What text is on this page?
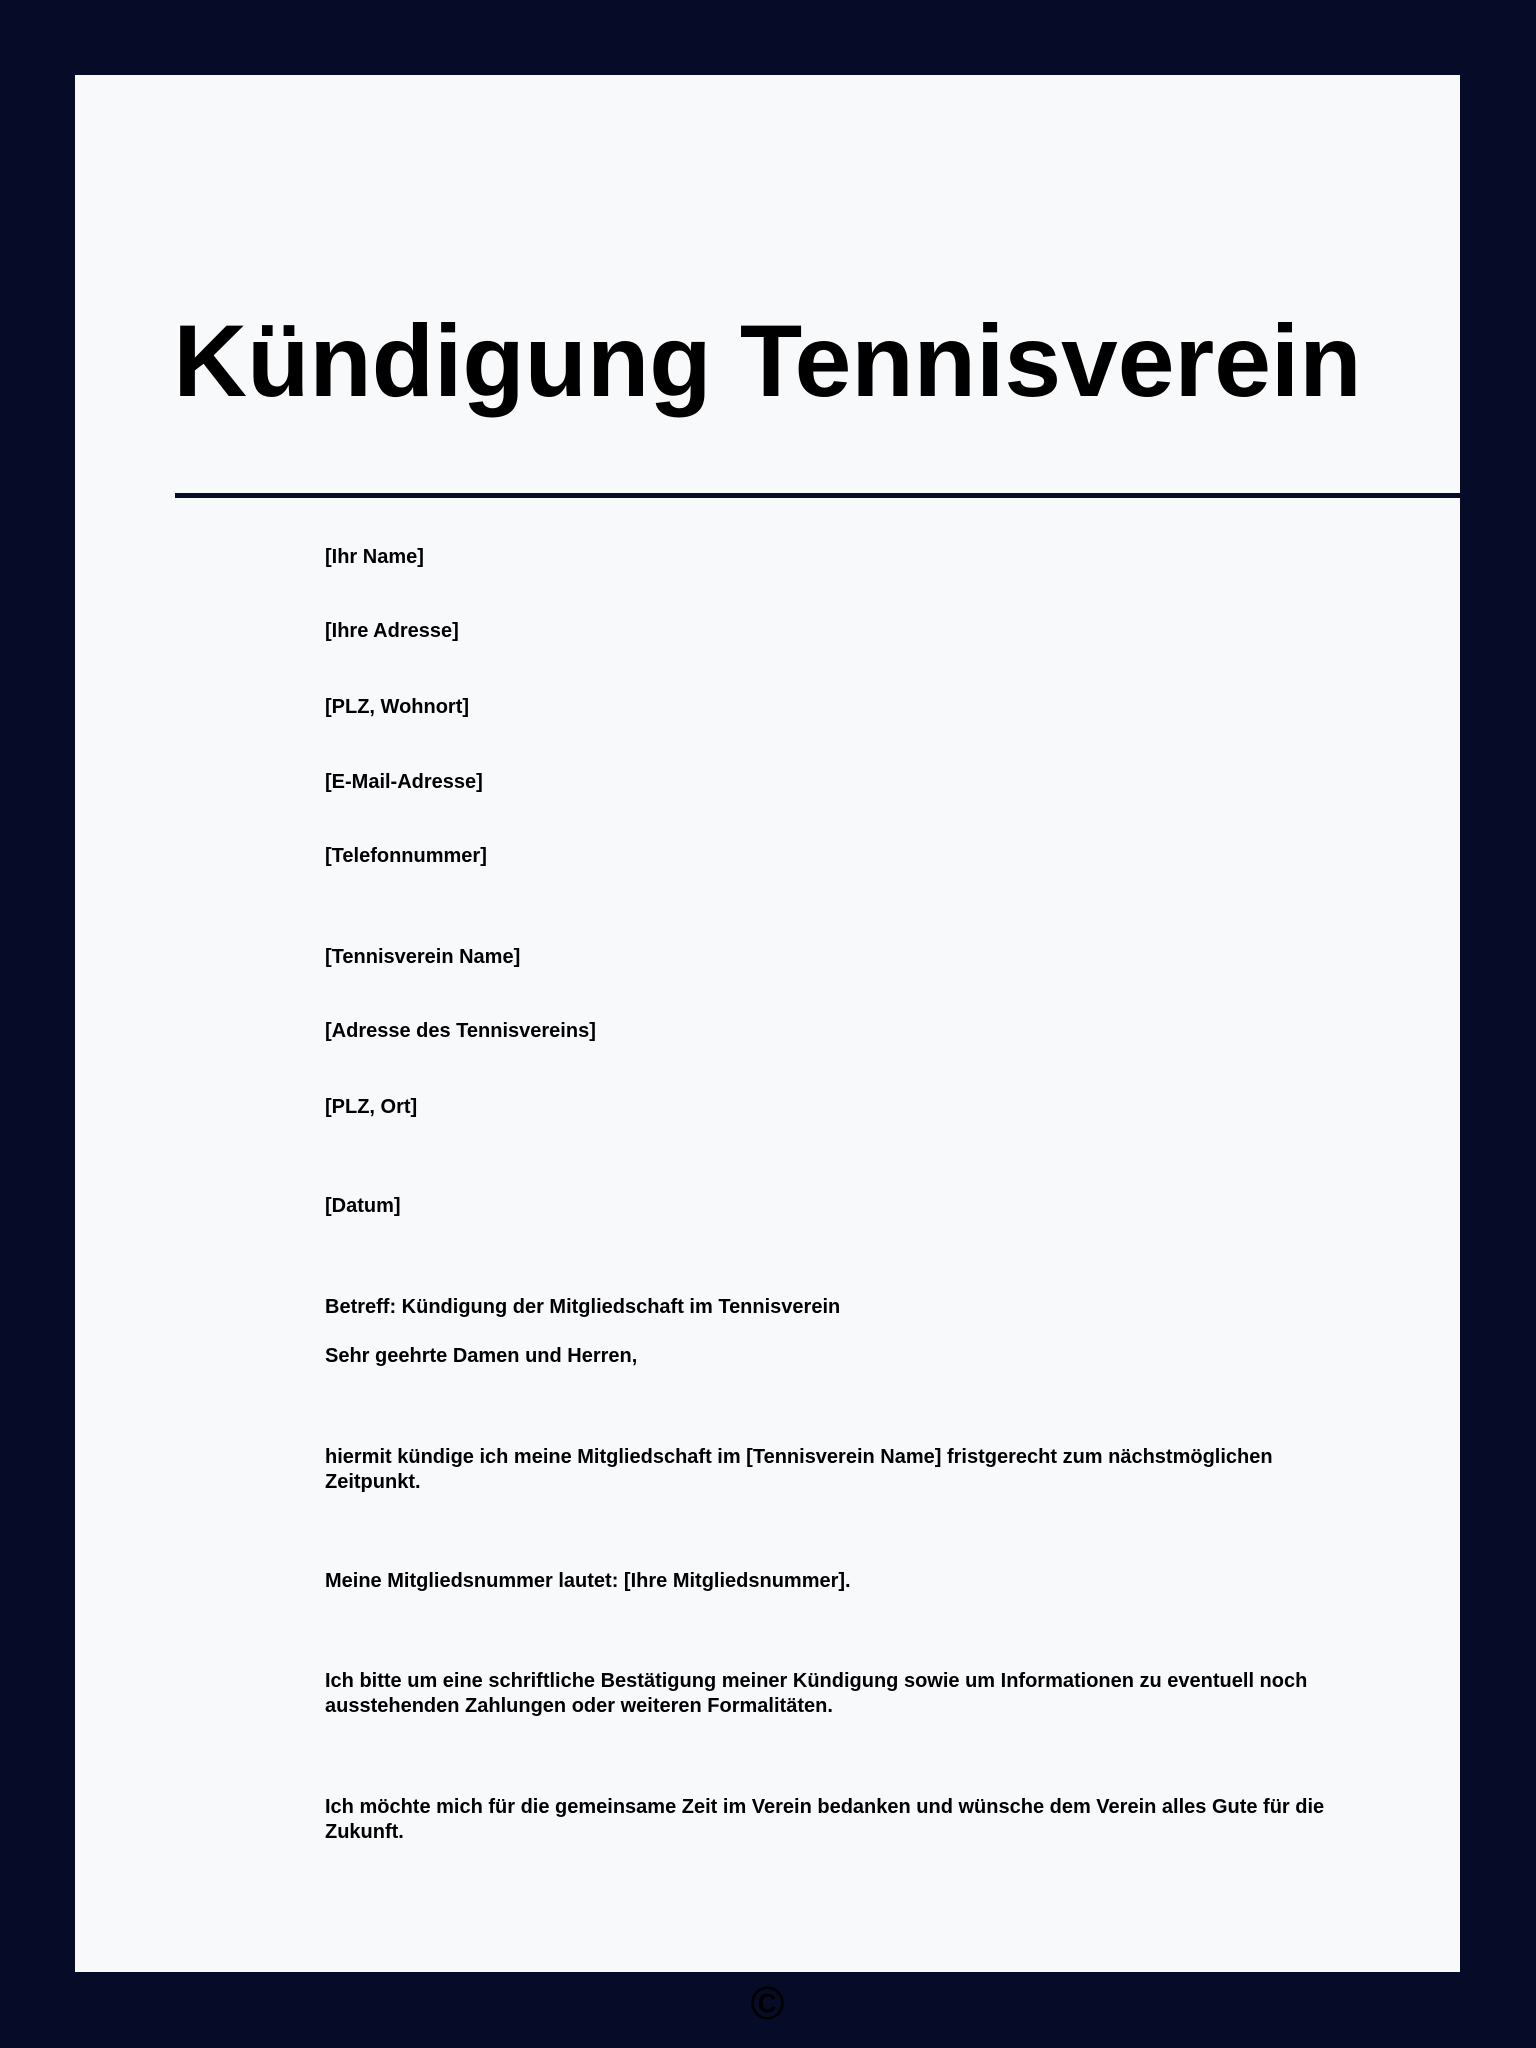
Kündigung Tennisverein

[Ihr Name]

[Ihre Adresse]

[PLZ, Wohnort]

[E-Mail-Adresse]

[Telefonnummer]

[Tennisverein Name]

[Adresse des Tennisvereins]

[PLZ, Ort]

[Datum]

Betreff: Kündigung der Mitgliedschaft im Tennisverein

Sehr geehrte Damen und Herren,

hiermit kündige ich meine Mitgliedschaft im [Tennisverein Name] fristgerecht zum nächstmöglichen Zeitpunkt.

Meine Mitgliedsnummer lautet: [Ihre Mitgliedsnummer].

Ich bitte um eine schriftliche Bestätigung meiner Kündigung sowie um Informationen zu eventuell noch ausstehenden Zahlungen oder weiteren Formalitäten.

Ich möchte mich für die gemeinsame Zeit im Verein bedanken und wünsche dem Verein alles Gute für die Zukunft.

©
